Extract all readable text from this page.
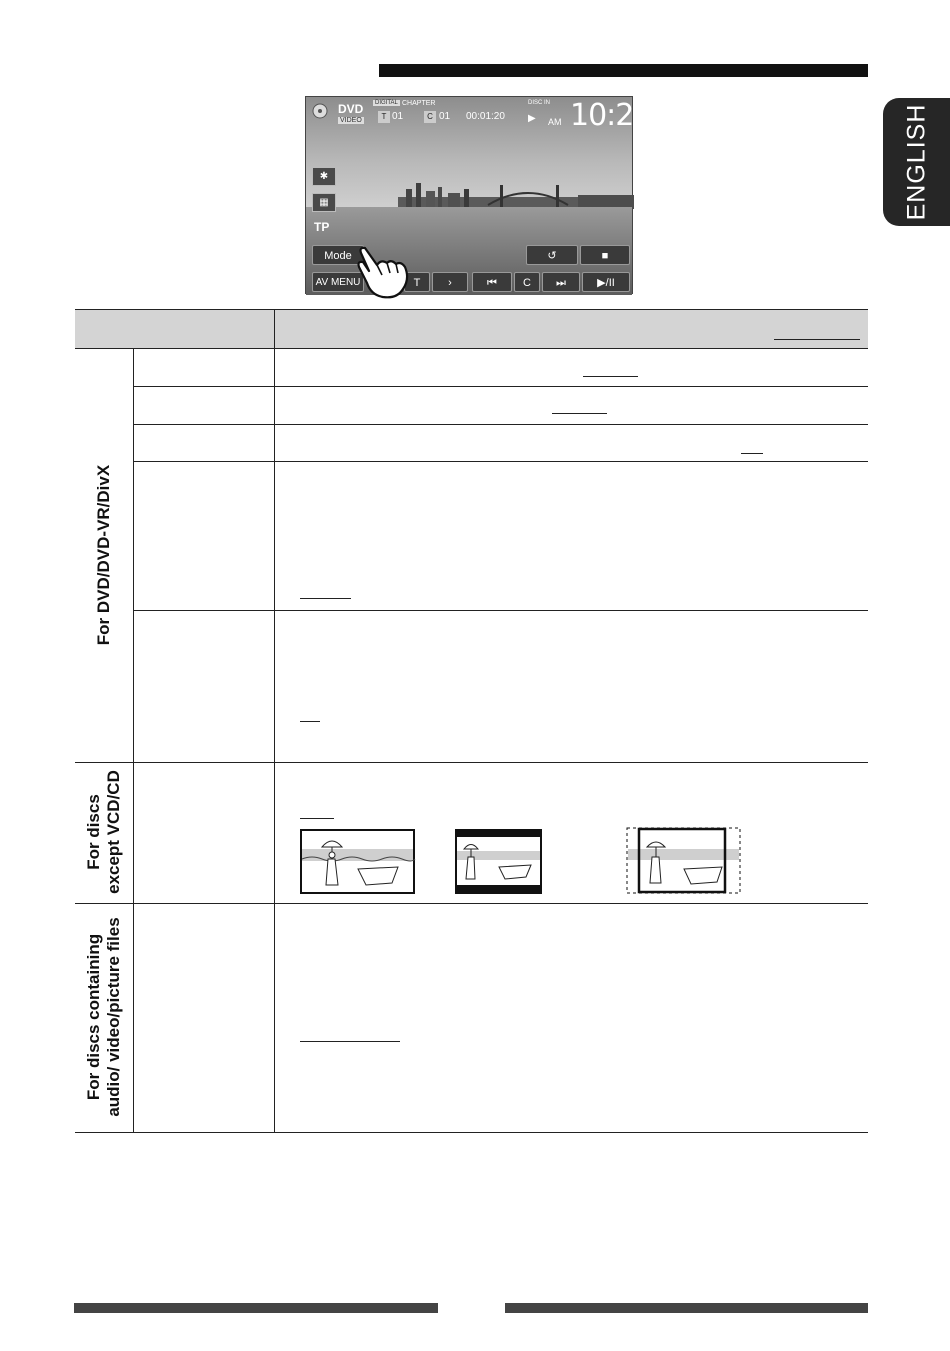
ENGLISH
DVD
VIDEO
DIGITAL CHAPTER
T 01	C 01 00:01:20
DISC IN
▶ AM 10:28
✱
▦
TP
Mode
AV MENU
↺	■
T	›	⏮	C	⏭	▶/II
For DVD/DVD-VR/DivX
For discs except VCD/CD
For discs containing audio/ video/picture files
